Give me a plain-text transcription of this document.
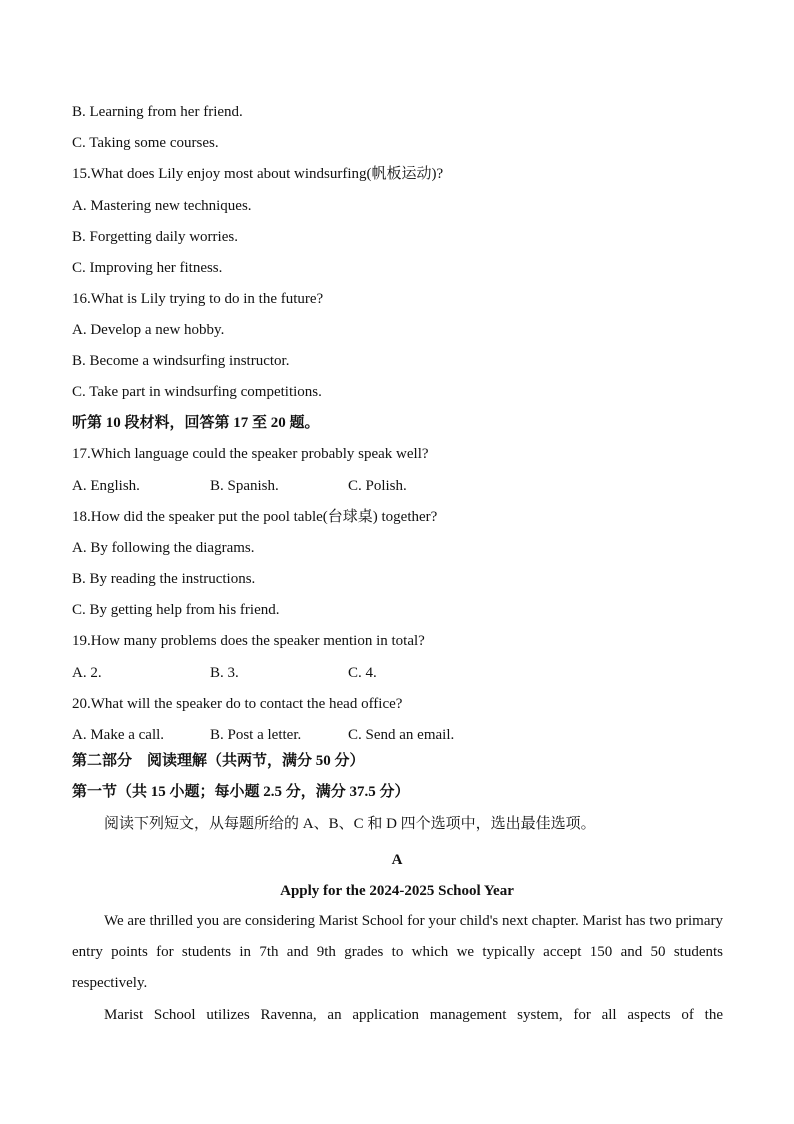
B. Learning from her friend.
C. Taking some courses.
15.What does Lily enjoy most about windsurfing(帆板运动)?
A. Mastering new techniques.
B. Forgetting daily worries.
C. Improving her fitness.
16.What is Lily trying to do in the future?
A. Develop a new hobby.
B. Become a windsurfing instructor.
C. Take part in windsurfing competitions.
听第 10 段材料，回答第 17 至 20 题。
17.Which language could the speaker probably speak well?
A. English.	B. Spanish.	C. Polish.
18.How did the speaker put the pool table(台球桌) together?
A. By following the diagrams.
B. By reading the instructions.
C. By getting help from his friend.
19.How many problems does the speaker mention in total?
A. 2.	B. 3.	C. 4.
20.What will the speaker do to contact the head office?
A. Make a call.	B. Post a letter.	C. Send an email.
第二部分　阅读理解（共两节，满分 50 分）
第一节（共 15 小题；每小题 2.5 分，满分 37.5 分）
阅读下列短文，从每题所给的 A、B、C 和 D 四个选项中，选出最佳选项。
A
Apply for the 2024-2025 School Year
We are thrilled you are considering Marist School for your child's next chapter. Marist has two primary entry points for students in 7th and 9th grades to which we typically accept 150 and 50 students respectively.
Marist School utilizes Ravenna, an application management system, for all aspects of the
